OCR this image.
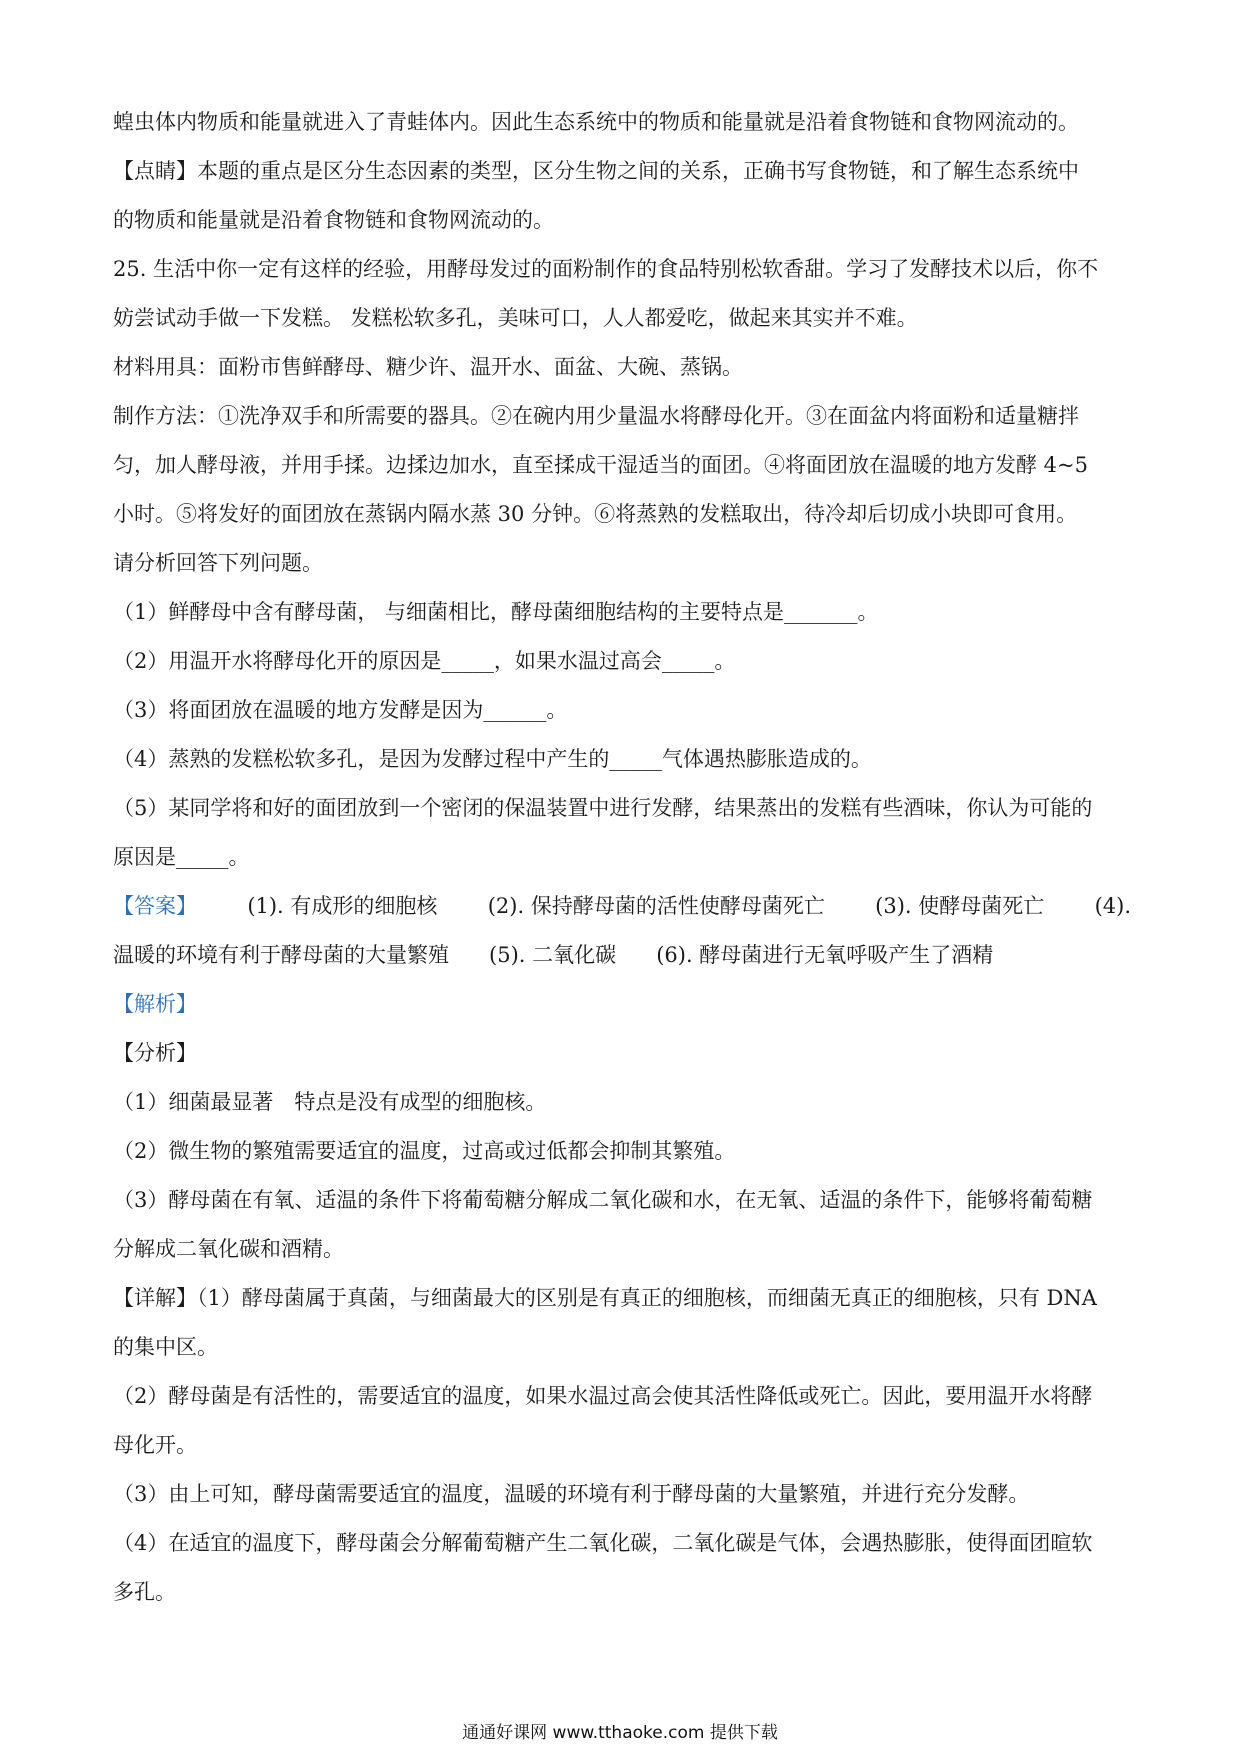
蝗虫体内物质和能量就进入了青蛙体内。因此生态系统中的物质和能量就是沿着食物链和食物网流动的。

【点睛】本题的重点是区分生态因素的类型，区分生物之间的关系，正确书写食物链，和了解生态系统中

的物质和能量就是沿着食物链和食物网流动的。

25. 生活中你一定有这样的经验，用酵母发过的面粉制作的食品特别松软香甜。学习了发酵技术以后，你不

妨尝试动手做一下发糕。 发糕松软多孔，美味可口，人人都爱吃，做起来其实并不难。

材料用具：面粉市售鲜酵母、糖少许、温开水、面盆、大碗、蒸锅。

制作方法：①洗净双手和所需要的器具。②在碗内用少量温水将酵母化开。③在面盆内将面粉和适量糖拌

匀，加人酵母液，并用手揉。边揉边加水，直至揉成干湿适当的面团。④将面团放在温暖的地方发酵 4~5

小时。⑤将发好的面团放在蒸锅内隔水蒸 30 分钟。⑥将蒸熟的发糕取出，待冷却后切成小块即可食用。

请分析回答下列问题。

（1）鲜酵母中含有酵母菌， 与细菌相比，酵母菌细胞结构的主要特点是_______。

（2）用温开水将酵母化开的原因是_____，如果水温过高会_____。

（3）将面团放在温暖的地方发酵是因为______。

（4）蒸熟的发糕松软多孔，是因为发酵过程中产生的_____气体遇热膨胀造成的。

（5）某同学将和好的面团放到一个密闭的保温装置中进行发酵，结果蒸出的发糕有些酒味，你认为可能的

原因是_____。

【答案】 (1). 有成形的细胞核 (2). 保持酵母菌的活性使酵母菌死亡 (3). 使酵母菌死亡 (4).
温暖的环境有利于酵母菌的大量繁殖      (5). 二氧化碳      (6). 酵母菌进行无氧呼吸产生了酒精

【解析】

【分析】

（1）细菌最显著　特点是没有成型的细胞核。

（2）微生物的繁殖需要适宜的温度，过高或过低都会抑制其繁殖。

（3）酵母菌在有氧、适温的条件下将葡萄糖分解成二氧化碳和水，在无氧、适温的条件下，能够将葡萄糖

分解成二氧化碳和酒精。

【详解】（1）酵母菌属于真菌，与细菌最大的区别是有真正的细胞核，而细菌无真正的细胞核，只有 DNA

的集中区。

（2）酵母菌是有活性的，需要适宜的温度，如果水温过高会使其活性降低或死亡。因此，要用温开水将酵

母化开。

（3）由上可知，酵母菌需要适宜的温度，温暖的环境有利于酵母菌的大量繁殖，并进行充分发酵。

（4）在适宜的温度下，酵母菌会分解葡萄糖产生二氧化碳，二氧化碳是气体，会遇热膨胀，使得面团暄软

多孔。

通通好课网 www.tthaoke.com 提供下载
